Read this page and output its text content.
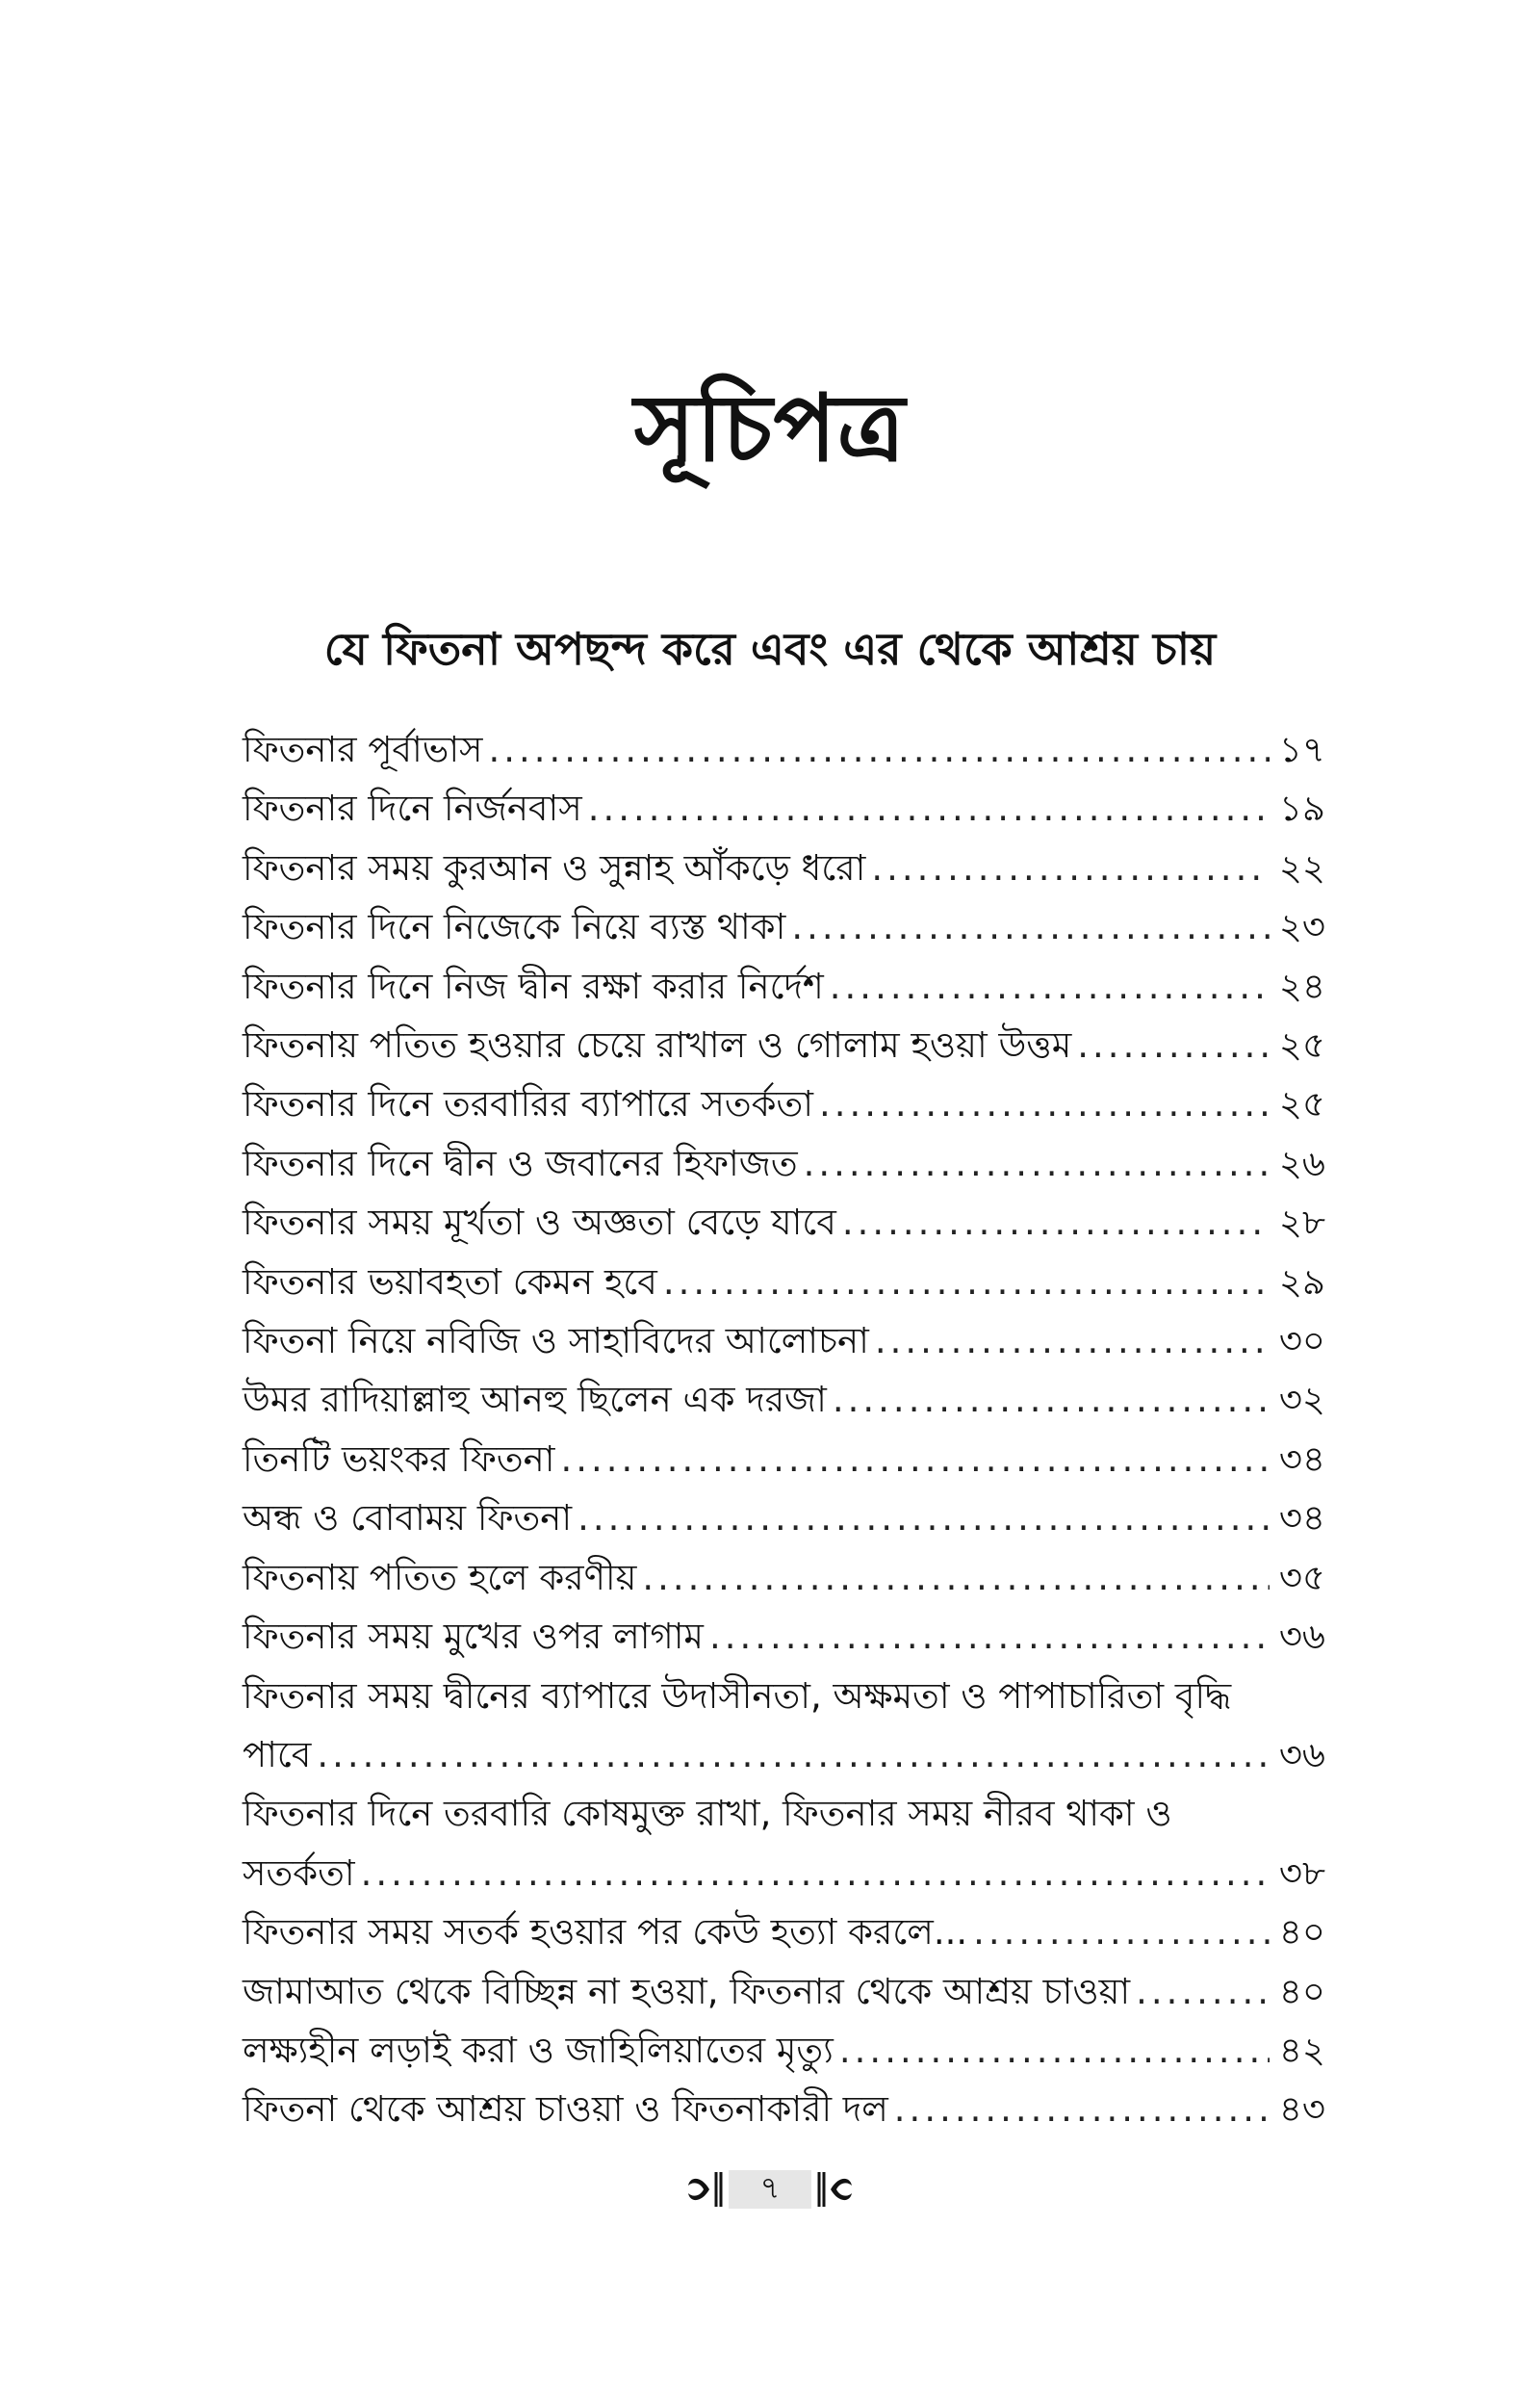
সূচিপত্র
যে ফিতনা অপছন্দ করে এবং এর থেকে আশ্রয় চায়
ফিতনার পূর্বাভাস .....	১৭
ফিতনার দিনে নির্জনবাস .....	১৯
ফিতনার সময় কুরআন ও সুন্নাহ আঁকড়ে ধরো .....	২২
ফিতনার দিনে নিজেকে নিয়ে ব্যস্ত থাকা .....	২৩
ফিতনার দিনে নিজ দ্বীন রক্ষা করার নির্দেশ .....	২৪
ফিতনায় পতিত হওয়ার চেয়ে রাখাল ও গোলাম হওয়া উত্তম .....	২৫
ফিতনার দিনে তরবারির ব্যাপারে সতর্কতা .....	২৫
ফিতনার দিনে দ্বীন ও জবানের হিফাজত .....	২৬
ফিতনার সময় মূর্খতা ও অজ্ঞতা বেড়ে যাবে .....	২৮
ফিতনার ভয়াবহতা কেমন হবে .....	২৯
ফিতনা নিয়ে নবিজি ও সাহাবিদের আলোচনা .....	৩০
উমর রাদিয়াল্লাহু আনহু ছিলেন এক দরজা .....	৩২
তিনটি ভয়ংকর ফিতনা .....	৩৪
অন্ধ ও বোবাময় ফিতনা .....	৩৪
ফিতনায় পতিত হলে করণীয় .....	৩৫
ফিতনার সময় মুখের ওপর লাগাম .....	৩৬
ফিতনার সময় দ্বীনের ব্যাপারে উদাসীনতা, অক্ষমতা ও পাপাচারিতা বৃদ্ধি
পাবে .....	৩৬
ফিতনার দিনে তরবারি কোষমুক্ত রাখা, ফিতনার সময় নীরব থাকা ও
সতর্কতা .....	৩৮
ফিতনার সময় সতর্ক হওয়ার পর কেউ হত্যা করলে... .....	৪০
জামাআত থেকে বিচ্ছিন্ন না হওয়া, ফিতনার থেকে আশ্রয় চাওয়া .....	৪০
লক্ষ্যহীন লড়াই করা ও জাহিলিয়াতের মৃত্যু .....	৪২
ফিতনা থেকে আশ্রয় চাওয়া ও ফিতনাকারী দল .....	৪৩
৭
